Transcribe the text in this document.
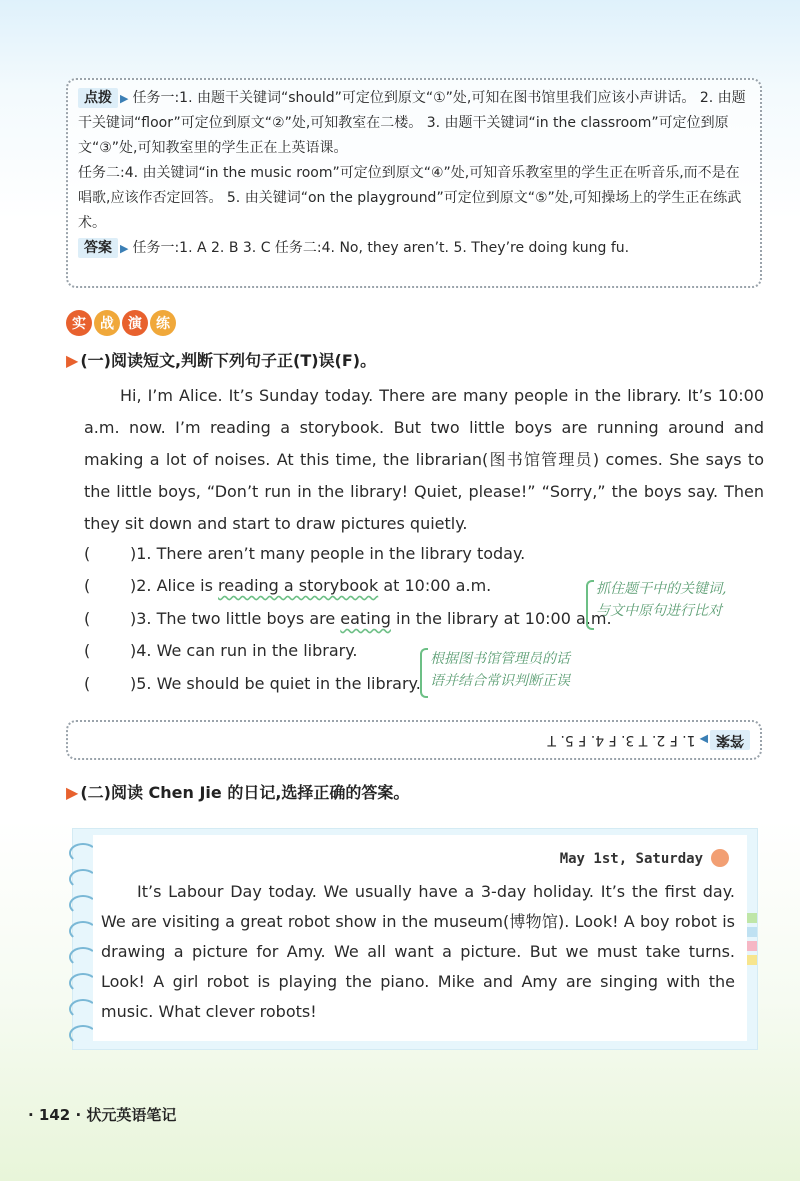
点拨 ▶ 任务一:1. 由题干关键词“should”可定位到原文“①”处,可知在图书馆里我们应该小声讲话。 2. 由题干关键词“floor”可定位到原文“②”处,可知教室在二楼。 3. 由题干关键词“in the classroom”可定位到原文“③”处,可知教室里的学生正在上英语课。

任务二:4. 由关键词“in the music room”可定位到原文“④”处,可知音乐教室里的学生正在听音乐,而不是在唱歌,应该作否定回答。 5. 由关键词“on the playground”可定位到原文“⑤”处,可知操场上的学生正在练武术。

答案 ▶ 任务一:1. A 2. B 3. C 任务二:4. No, they aren’t. 5. They’re doing kung fu.

实	战	演	练
▶ (一)阅读短文,判断下列句子正(T)误(F)。

Hi, I’m Alice. It’s Sunday today. There are many people in the library. It’s 10:00 a.m. now. I’m reading a storybook. But two little boys are running around and making a lot of noises. At this time, the librarian(图书馆管理员) comes. She says to the little boys, “Don’t run in the library! Quiet, please!” “Sorry,” the boys say. Then they sit down and start to draw pictures quietly.

( )1. There aren’t many people in the library today.
( )2. Alice is reading a storybook at 10:00 a.m.
( )3. The two little boys are eating in the library at 10:00 a.m.
( )4. We can run in the library.
( )5. We should be quiet in the library.
抓住题干中的关键词,
与文中原句进行比对
根据图书馆管理员的话
语并结合常识判断正误
答案
▶
1. F 2. T 3. F 4. F 5. T
▶ (二)阅读 Chen Jie 的日记,选择正确的答案。
May 1st, Saturday

It’s Labour Day today. We usually have a 3-day holiday. It’s the first day. We are visiting a great robot show in the museum(博物馆). Look! A boy robot is drawing a picture for Amy. We all want a picture. But we must take turns. Look! A girl robot is playing the piano. Mike and Amy are singing with the music. What clever robots!

· 142 · 状元英语笔记
